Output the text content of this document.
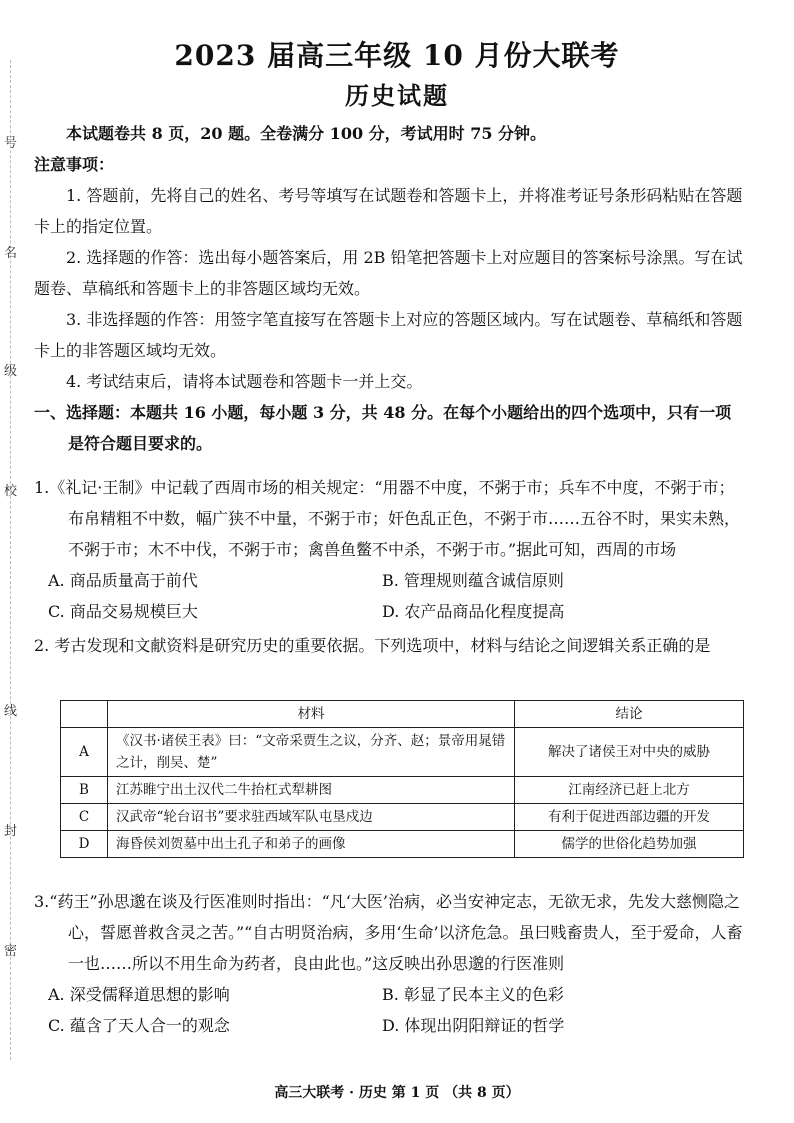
号
名
级
校
线
封
密
2023 届高三年级 10 月份大联考
历史试题

本试题卷共 8 页，20 题。全卷满分 100 分，考试用时 75 分钟。

注意事项：

1. 答题前，先将自己的姓名、考号等填写在试题卷和答题卡上，并将准考证号条形码粘贴在答题卡上的指定位置。

2. 选择题的作答：选出每小题答案后，用 2B 铅笔把答题卡上对应题目的答案标号涂黑。写在试题卷、草稿纸和答题卡上的非答题区域均无效。

3. 非选择题的作答：用签字笔直接写在答题卡上对应的答题区域内。写在试题卷、草稿纸和答题卡上的非答题区域均无效。

4. 考试结束后，请将本试题卷和答题卡一并上交。

一、选择题：本题共 16 小题，每小题 3 分，共 48 分。在每个小题给出的四个选项中，只有一项是符合题目要求的。

1.《礼记·王制》中记载了西周市场的相关规定：“用器不中度，不粥于市；兵车不中度，不粥于市；布帛精粗不中数，幅广狭不中量，不粥于市；奸色乱正色，不粥于市……五谷不时，果实未熟，不粥于市；木不中伐，不粥于市；禽兽鱼鳖不中杀，不粥于市。”据此可知，西周的市场

A. 商品质量高于前代	B. 管理规则蕴含诚信原则
C. 商品交易规模巨大	D. 农产品商品化程度提高

2. 考古发现和文献资料是研究历史的重要依据。下列选项中，材料与结论之间逻辑关系正确的是

	材料	结论
A	《汉书·诸侯王表》曰：“文帝采贾生之议，分齐、赵；景帝用晁错之计，削吴、楚”	解决了诸侯王对中央的威胁
B	江苏睢宁出土汉代二牛抬杠式犁耕图	江南经济已赶上北方
C	汉武帝“轮台诏书”要求驻西域军队屯垦戍边	有利于促进西部边疆的开发
D	海昏侯刘贺墓中出土孔子和弟子的画像	儒学的世俗化趋势加强

3.“药王”孙思邈在谈及行医准则时指出：“凡‘大医’治病，必当安神定志，无欲无求，先发大慈恻隐之心，誓愿普救含灵之苦。”“自古明贤治病，多用‘生命’以济危急。虽曰贱畜贵人，至于爱命，人畜一也……所以不用生命为药者，良由此也。”这反映出孙思邈的行医准则

A. 深受儒释道思想的影响	B. 彰显了民本主义的色彩
C. 蕴含了天人合一的观念	D. 体现出阴阳辩证的哲学
高三大联考 · 历史 第 1 页 （共 8 页）
